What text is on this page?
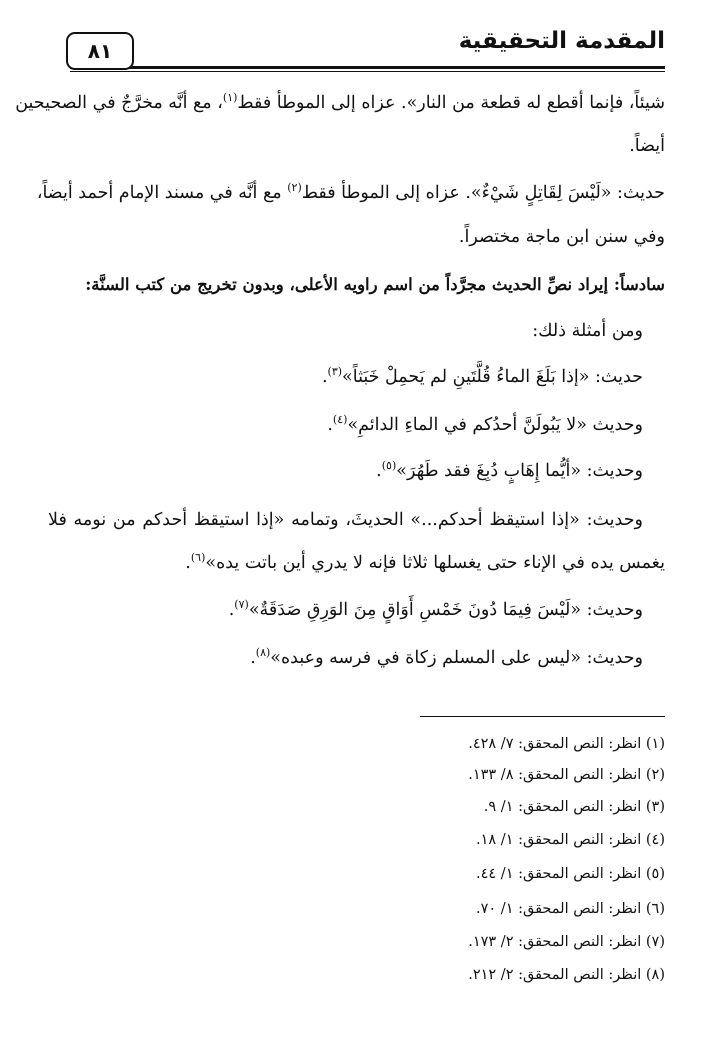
المقدمة التحقيقية
٨١
شيئاً، فإنما أقطع له قطعة من النار». عزاه إلى الموطأ فقط$^{(١)}$، مع أنَّه مخرَّجٌ في الصحيحين
أيضاً.
حديث: «لَيْسَ لِقَاتِلٍ شَيْءٌ». عزاه إلى الموطأ فقط$^{(٢)}$ مع أنَّه في مسند الإمام أحمد أيضاً،
وفي سنن ابن ماجة مختصراً.
سادساً: إيراد نصِّ الحديث مجرَّداً من اسم راويه الأعلى، وبدون تخريج من كتب السنَّة:
ومن أمثلة ذلك:
حديث: «إذا بَلَغَ الماءُ قُلَّتَينِ لم يَحمِلْ خَبَثاً»$^{(٣)}$.
وحديث «لا يَبُولَنَّ أحدُكم في الماءِ الدائمِ»$^{(٤)}$.
وحديث: «أيُّما إِهَابٍ دُبِغَ فقد طَهُرَ»$^{(٥)}$.
وحديث: «إذا استيقظ أحدكم...» الحديثَ، وتمامه «إذا استيقظ أحدكم من نومه فلا
يغمس يده في الإناء حتى يغسلها ثلاثا فإنه لا يدري أين باتت يده»$^{(٦)}$.
وحديث: «لَيْسَ فِيمَا دُونَ خَمْسِ أَوَاقٍ مِنَ الوَرِقِ صَدَقَةٌ»$^{(٧)}$.
وحديث: «ليس على المسلم زكاة في فرسه وعبده»$^{(٨)}$.
(١) انظر: النص المحقق: ٧/ ٤٢٨.
(٢) انظر: النص المحقق: ٨/ ١٣٣.
(٣) انظر: النص المحقق: ١/ ٩.
(٤) انظر: النص المحقق: ١/ ١٨.
(٥) انظر: النص المحقق: ١/ ٤٤.
(٦) انظر: النص المحقق: ١/ ٧٠.
(٧) انظر: النص المحقق: ٢/ ١٧٣.
(٨) انظر: النص المحقق: ٢/ ٢١٢.
